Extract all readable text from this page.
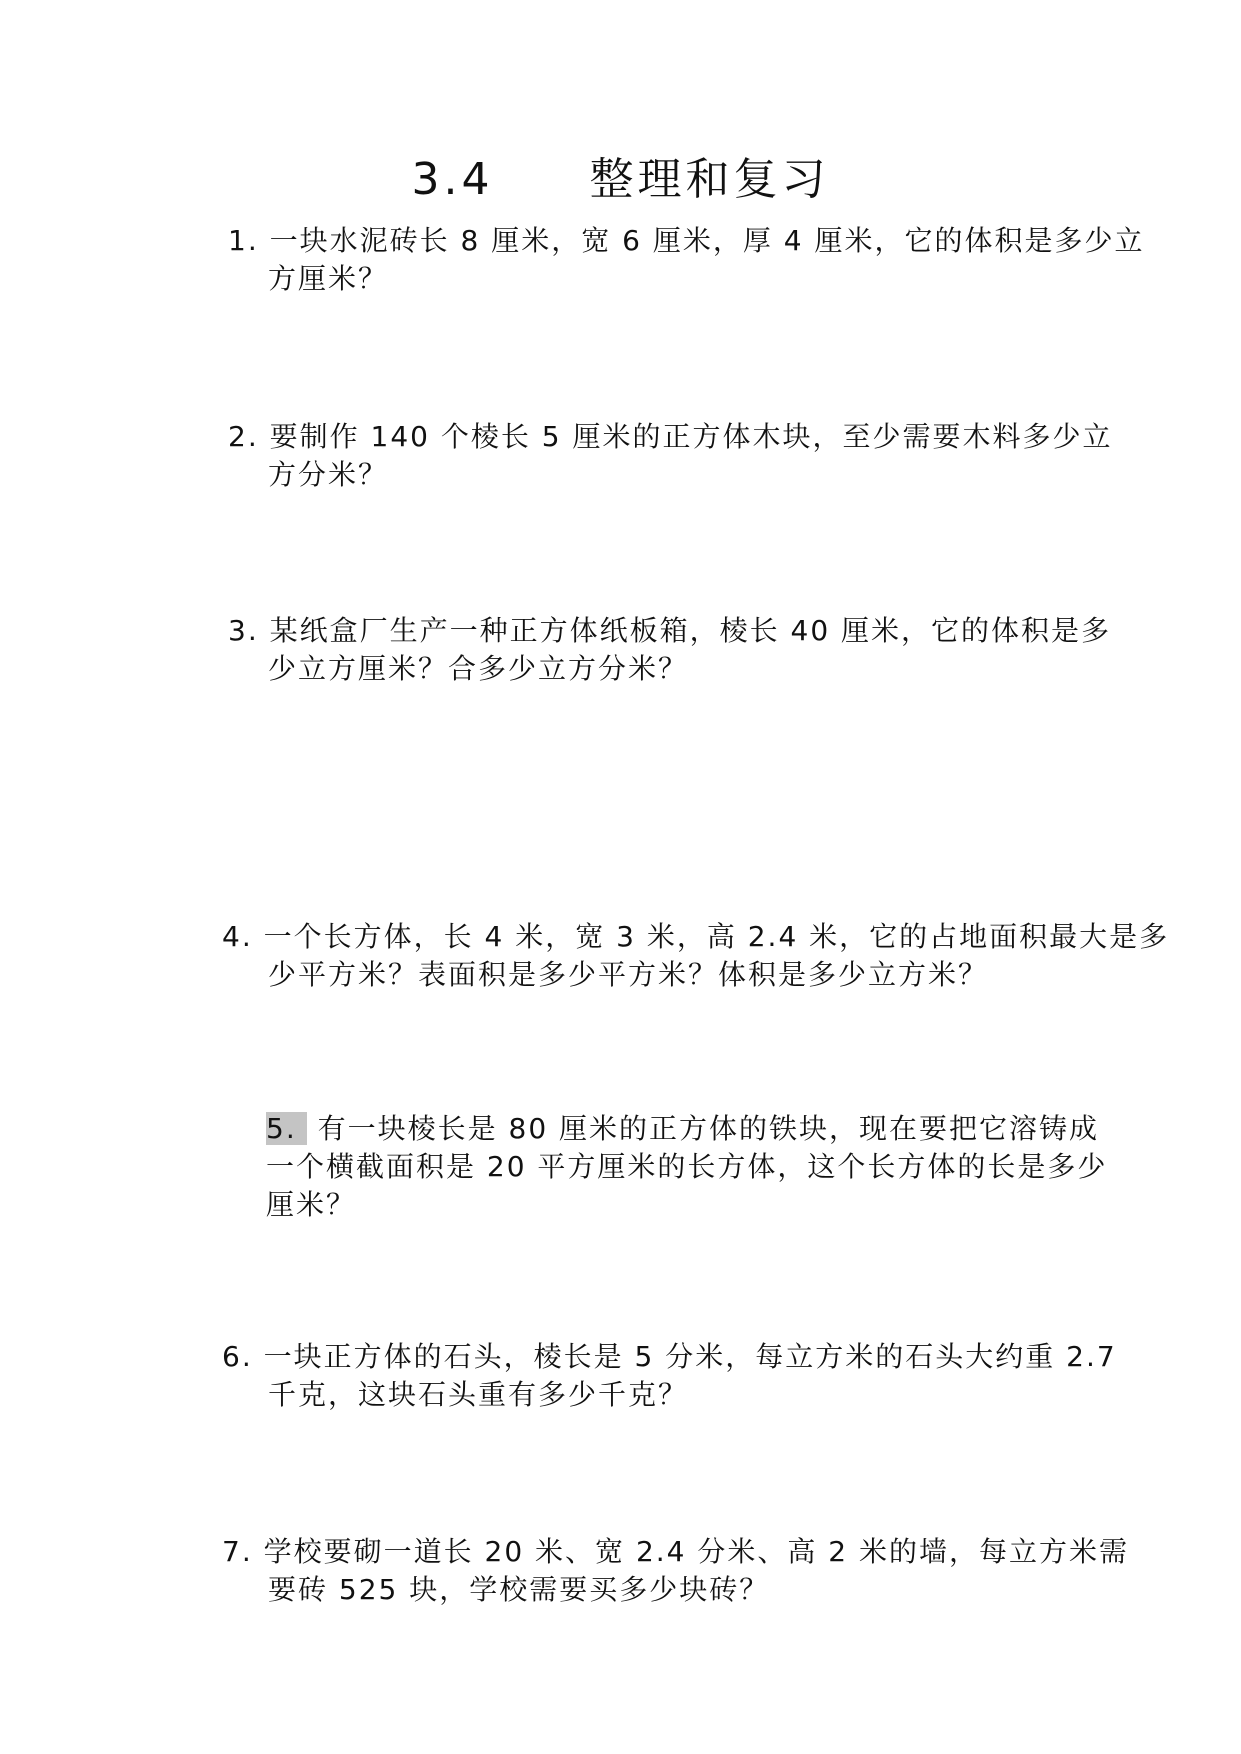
3.4　　整理和复习
1. 一块水泥砖长 8 厘米，宽 6 厘米，厚 4 厘米，它的体积是多少立
方厘米？
2. 要制作 140 个棱长 5 厘米的正方体木块，至少需要木料多少立
方分米？
3. 某纸盒厂生产一种正方体纸板箱，棱长 40 厘米，它的体积是多
少立方厘米？合多少立方分米？
4. 一个长方体，长 4 米，宽 3 米，高 2.4 米，它的占地面积最大是多
少平方米？表面积是多少平方米？体积是多少立方米？
5. 有一块棱长是 80 厘米的正方体的铁块，现在要把它溶铸成
一个横截面积是 20 平方厘米的长方体，这个长方体的长是多少
厘米？
6. 一块正方体的石头，棱长是 5 分米，每立方米的石头大约重 2.7
千克，这块石头重有多少千克？
7. 学校要砌一道长 20 米、宽 2.4 分米、高 2 米的墙，每立方米需
要砖 525 块，学校需要买多少块砖？
